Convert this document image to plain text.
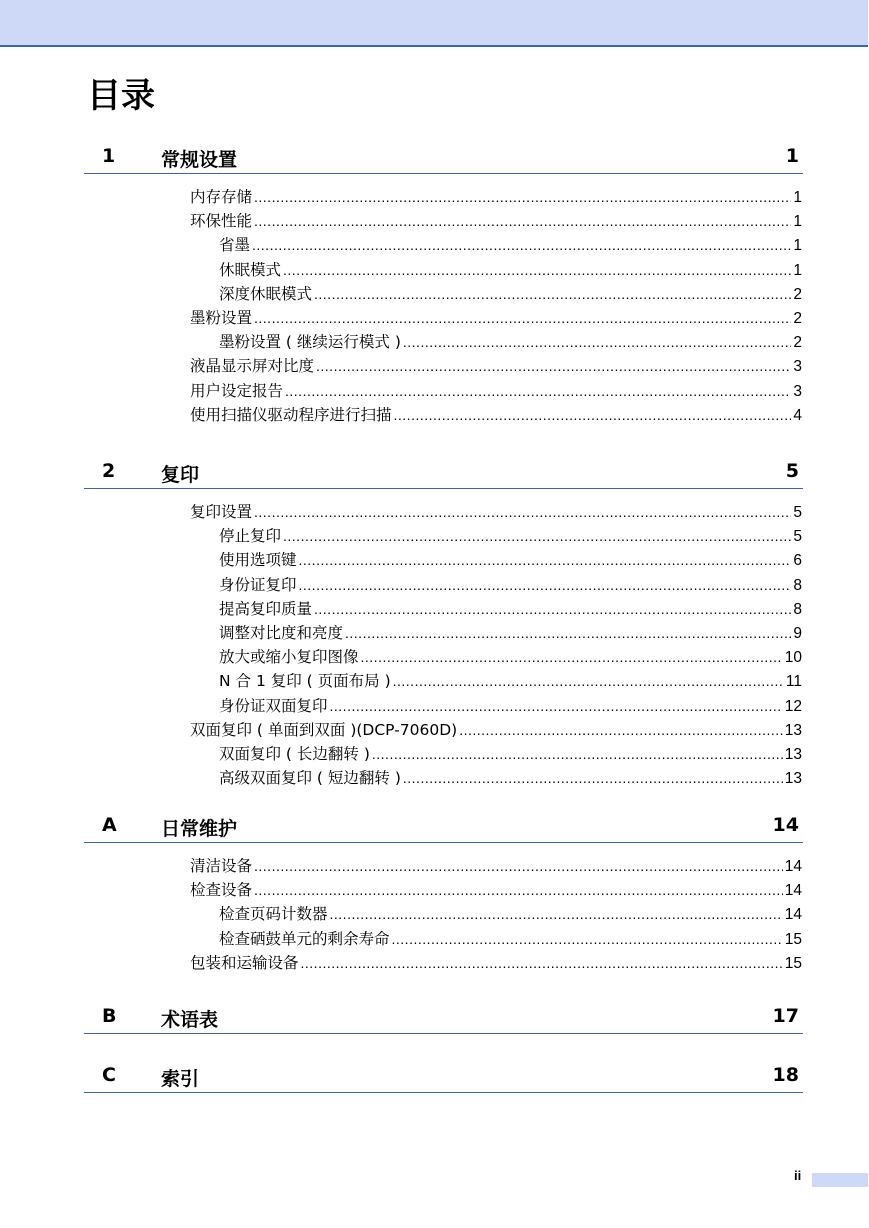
目录
1 常规设置	1
内存存储 .....	1
环保性能 .....	1
省墨 .....	1
休眠模式 .....	1
深度休眠模式 .....	2
墨粉设置 .....	2
墨粉设置 ( 继续运行模式 ) .....	2
液晶显示屏对比度 .....	3
用户设定报告 .....	3
使用扫描仪驱动程序进行扫描 .....	4
2 复印	5
复印设置 .....	5
停止复印 .....	5
使用选项键 .....	6
身份证复印 .....	8
提高复印质量 .....	8
调整对比度和亮度 .....	9
放大或缩小复印图像 .....	10
N 合 1 复印 ( 页面布局 ) .....	11
身份证双面复印 .....	12
双面复印 ( 单面到双面 )(DCP-7060D) .....	13
双面复印 ( 长边翻转 ) .....	13
高级双面复印 ( 短边翻转 ) .....	13
A 日常维护	14
清洁设备 .....	14
检查设备 .....	14
检查页码计数器 .....	14
检查硒鼓单元的剩余寿命 .....	15
包装和运输设备 .....	15
B 术语表	17
C 索引	18
ii
